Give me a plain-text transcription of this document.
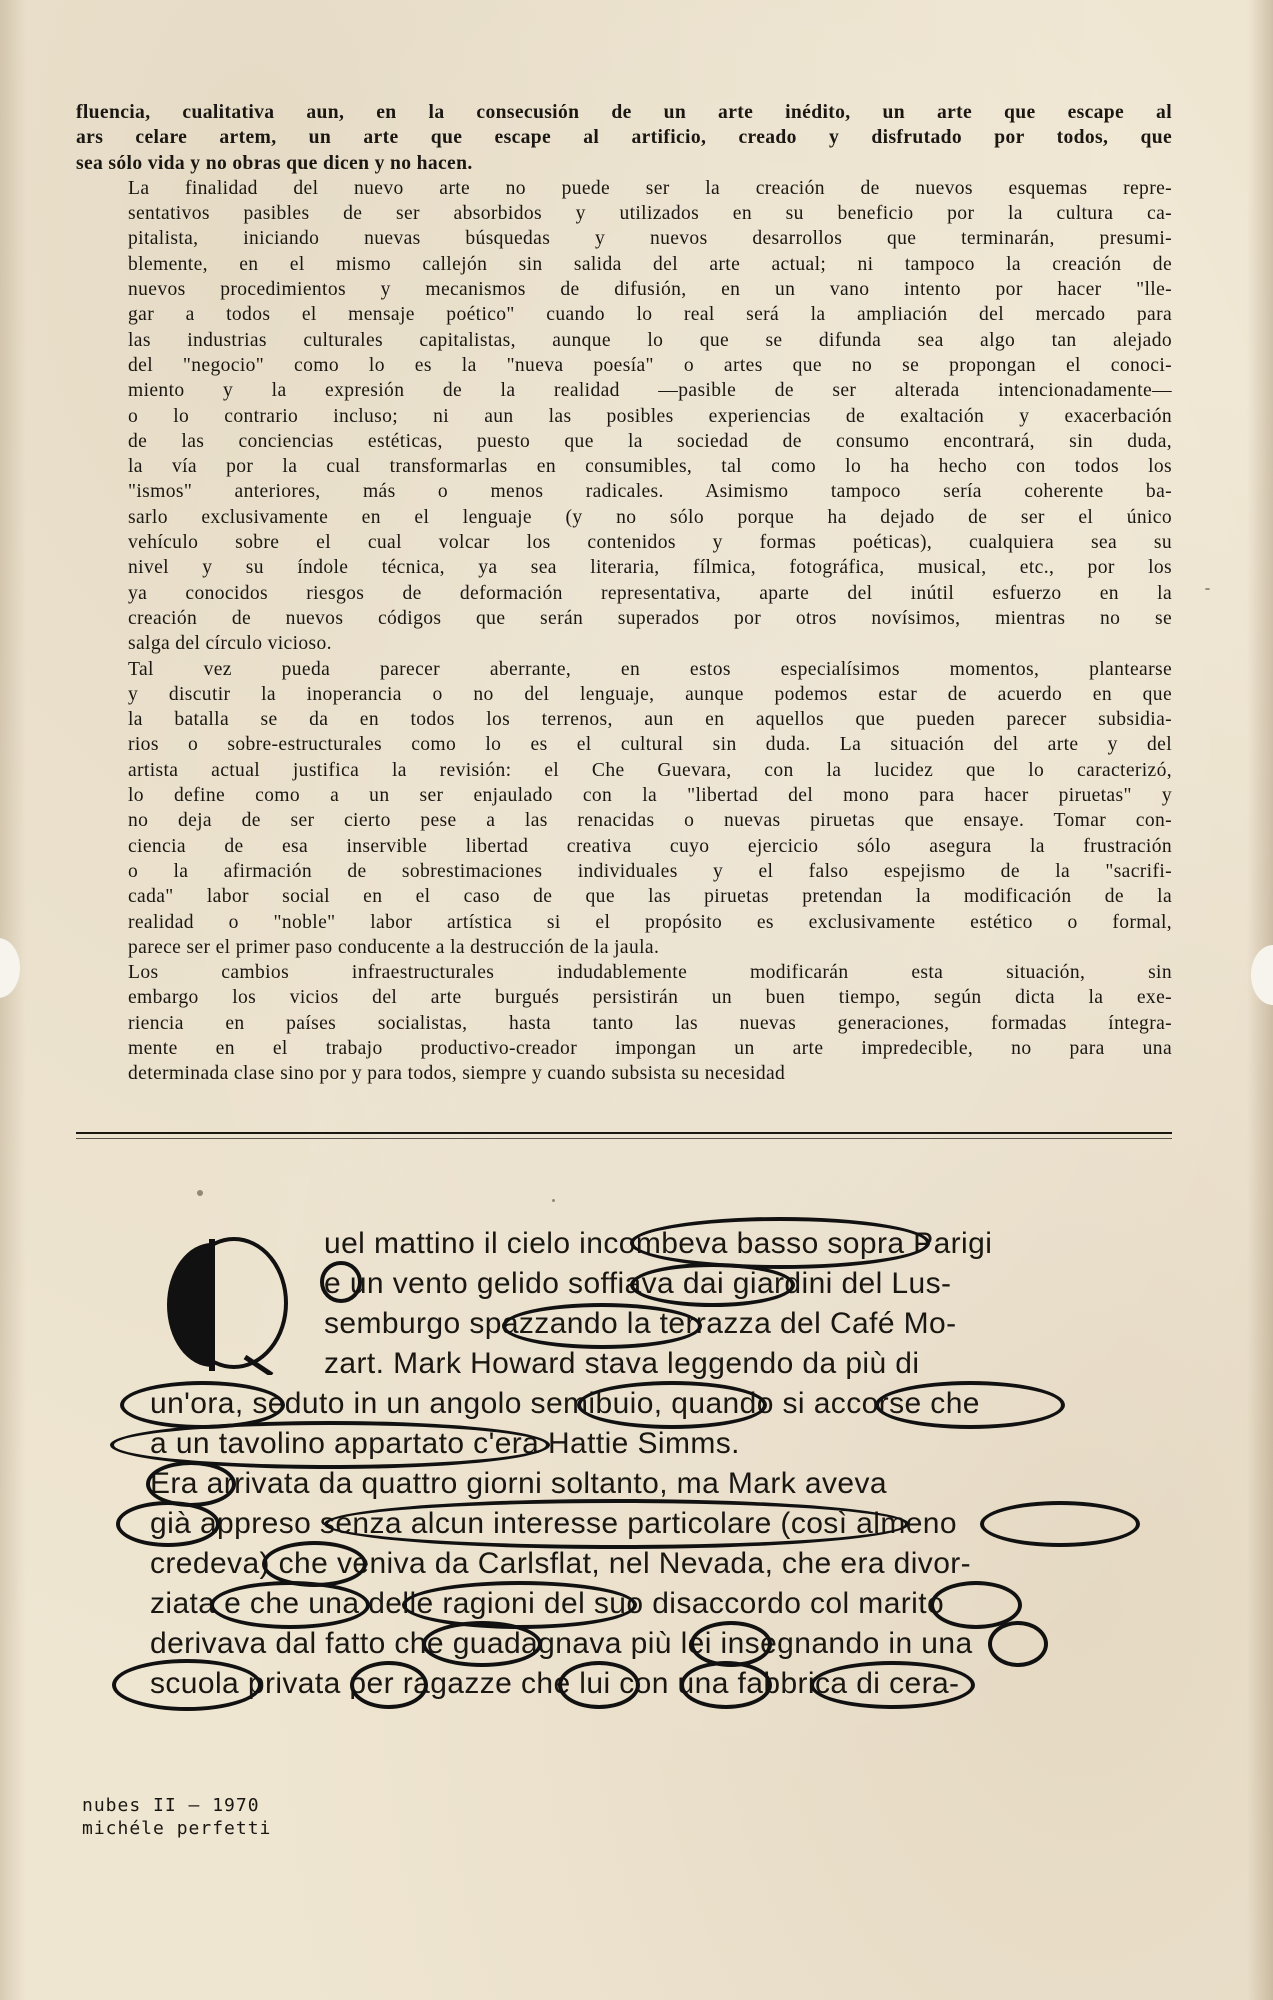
fluencia, cualitativa aun, en la consecusión de un arte inédito, un arte que escape al
ars celare artem, un arte que escape al artificio, creado y disfrutado por todos, que
sea sólo vida y no obras que dicen y no hacen.

La finalidad del nuevo arte no puede ser la creación de nuevos esquemas repre-
sentativos pasibles de ser absorbidos y utilizados en su beneficio por la cultura ca-
pitalista, iniciando nuevas búsquedas y nuevos desarrollos que terminarán, presumi-
blemente, en el mismo callejón sin salida del arte actual; ni tampoco la creación de
nuevos procedimientos y mecanismos de difusión, en un vano intento por hacer "lle-
gar a todos el mensaje poético" cuando lo real será la ampliación del mercado para
las industrias culturales capitalistas, aunque lo que se difunda sea algo tan alejado
del "negocio" como lo es la "nueva poesía" o artes que no se propongan el conoci-
miento y la expresión de la realidad —pasible de ser alterada intencionadamente—
o lo contrario incluso; ni aun las posibles experiencias de exaltación y exacerbación
de las conciencias estéticas, puesto que la sociedad de consumo encontrará, sin duda,
la vía por la cual transformarlas en consumibles, tal como lo ha hecho con todos los
"ismos" anteriores, más o menos radicales. Asimismo tampoco sería coherente ba-
sarlo exclusivamente en el lenguaje (y no sólo porque ha dejado de ser el único
vehículo sobre el cual volcar los contenidos y formas poéticas), cualquiera sea su
nivel y su índole técnica, ya sea literaria, fílmica, fotográfica, musical, etc., por los
ya conocidos riesgos de deformación representativa, aparte del inútil esfuerzo en la
creación de nuevos códigos que serán superados por otros novísimos, mientras no se
salga del círculo vicioso.

Tal vez pueda parecer aberrante, en estos especialísimos momentos, plantearse
y discutir la inoperancia o no del lenguaje, aunque podemos estar de acuerdo en que
la batalla se da en todos los terrenos, aun en aquellos que pueden parecer subsidia-
rios o sobre-estructurales como lo es el cultural sin duda. La situación del arte y del
artista actual justifica la revisión: el Che Guevara, con la lucidez que lo caracterizó,
lo define como a un ser enjaulado con la "libertad del mono para hacer piruetas" y
no deja de ser cierto pese a las renacidas o nuevas piruetas que ensaye. Tomar con-
ciencia de esa inservible libertad creativa cuyo ejercicio sólo asegura la frustración
o la afirmación de sobrestimaciones individuales y el falso espejismo de la "sacrifi-
cada" labor social en el caso de que las piruetas pretendan la modificación de la
realidad o "noble" labor artística si el propósito es exclusivamente estético o formal,
parece ser el primer paso conducente a la destrucción de la jaula.

Los cambios infraestructurales indudablemente modificarán esta situación, sin
embargo los vicios del arte burgués persistirán un buen tiempo, según dicta la exe-
riencia en países socialistas, hasta tanto las nuevas generaciones, formadas íntegra-
mente en el trabajo productivo-creador impongan un arte impredecible, no para una
determinada clase sino por y para todos, siempre y cuando subsista su necesidad

uel mattino il cielo incombeva basso sopra Parigi
e un vento gelido soffiava dai giardini del Lus-
semburgo spazzando la terrazza del Café Mo-
zart. Mark Howard stava leggendo da più di
un'ora, seduto in un angolo semibuio, quando si accorse che
a un tavolino appartato c'era Hattie Simms.
Era arrivata da quattro giorni soltanto, ma Mark aveva
già appreso senza alcun interesse particolare (così almeno
credeva) che veniva da Carlsflat, nel Nevada, che era divor-
ziata e che una delle ragioni del suo disaccordo col marito
derivava dal fatto che guadagnava più lei insegnando in una
scuola privata per ragazze che lui con una fabbrica di cera-
nubes II — 1970
michéle perfetti
